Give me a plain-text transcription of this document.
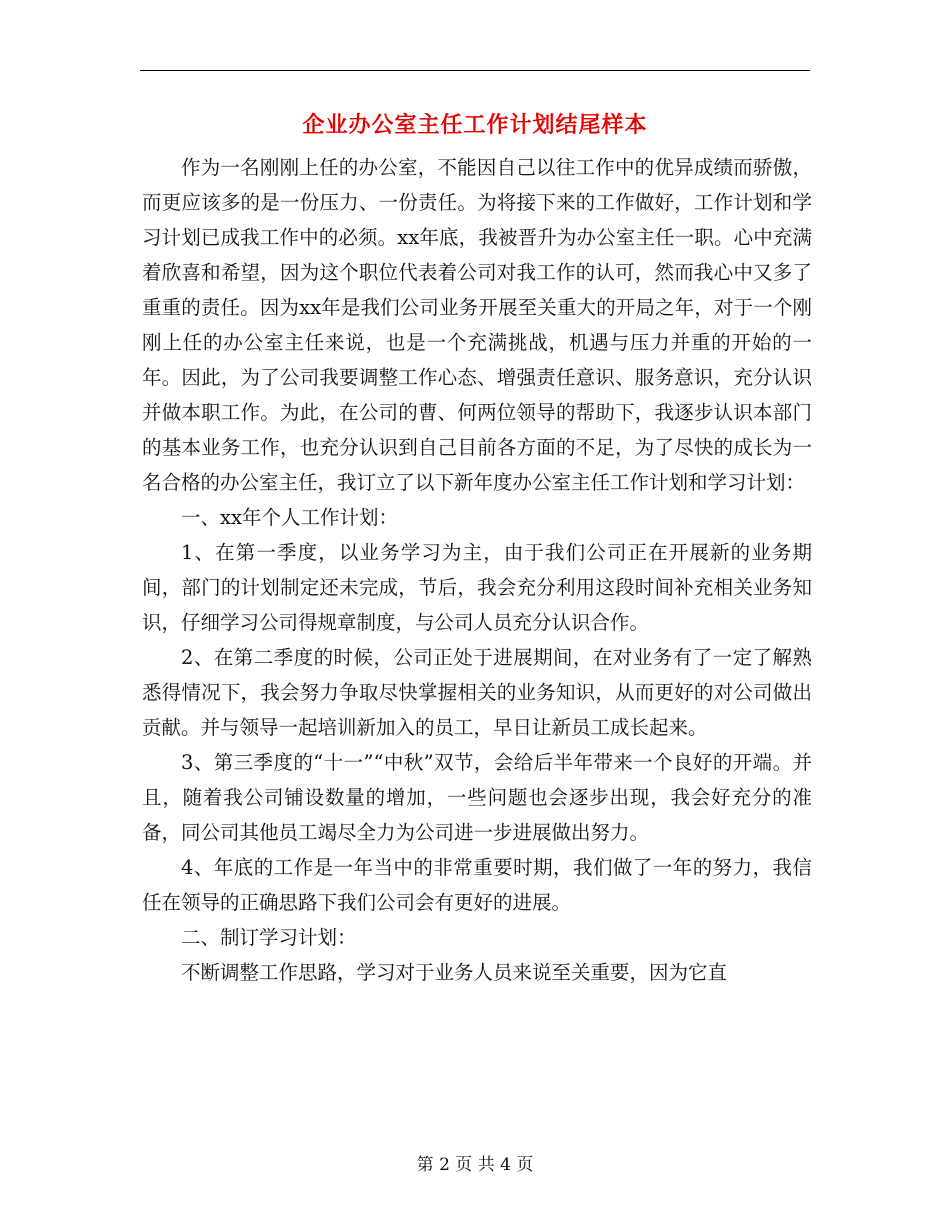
企业办公室主任工作计划结尾样本

作为一名刚刚上任的办公室，不能因自己以往工作中的优异成绩而骄傲，而更应该多的是一份压力、一份责任。为将接下来的工作做好，工作计划和学习计划已成我工作中的必须。xx年底，我被晋升为办公室主任一职。心中充满着欣喜和希望，因为这个职位代表着公司对我工作的认可，然而我心中又多了重重的责任。因为xx年是我们公司业务开展至关重大的开局之年，对于一个刚刚上任的办公室主任来说，也是一个充满挑战，机遇与压力并重的开始的一年。因此，为了公司我要调整工作心态、增强责任意识、服务意识，充分认识并做本职工作。为此，在公司的曹、何两位领导的帮助下，我逐步认识本部门的基本业务工作，也充分认识到自己目前各方面的不足，为了尽快的成长为一名合格的办公室主任，我订立了以下新年度办公室主任工作计划和学习计划：

一、xx年个人工作计划：

1、在第一季度，以业务学习为主，由于我们公司正在开展新的业务期间，部门的计划制定还未完成，节后，我会充分利用这段时间补充相关业务知识，仔细学习公司得规章制度，与公司人员充分认识合作。

2、在第二季度的时候，公司正处于进展期间，在对业务有了一定了解熟悉得情况下，我会努力争取尽快掌握相关的业务知识，从而更好的对公司做出贡献。并与领导一起培训新加入的员工，早日让新员工成长起来。

3、第三季度的“十一”“中秋”双节，会给后半年带来一个良好的开端。并且，随着我公司铺设数量的增加，一些问题也会逐步出现，我会好充分的准备，同公司其他员工竭尽全力为公司进一步进展做出努力。

4、年底的工作是一年当中的非常重要时期，我们做了一年的努力，我信任在领导的正确思路下我们公司会有更好的进展。

二、制订学习计划：

不断调整工作思路，学习对于业务人员来说至关重要，因为它直

第 2 页 共 4 页
